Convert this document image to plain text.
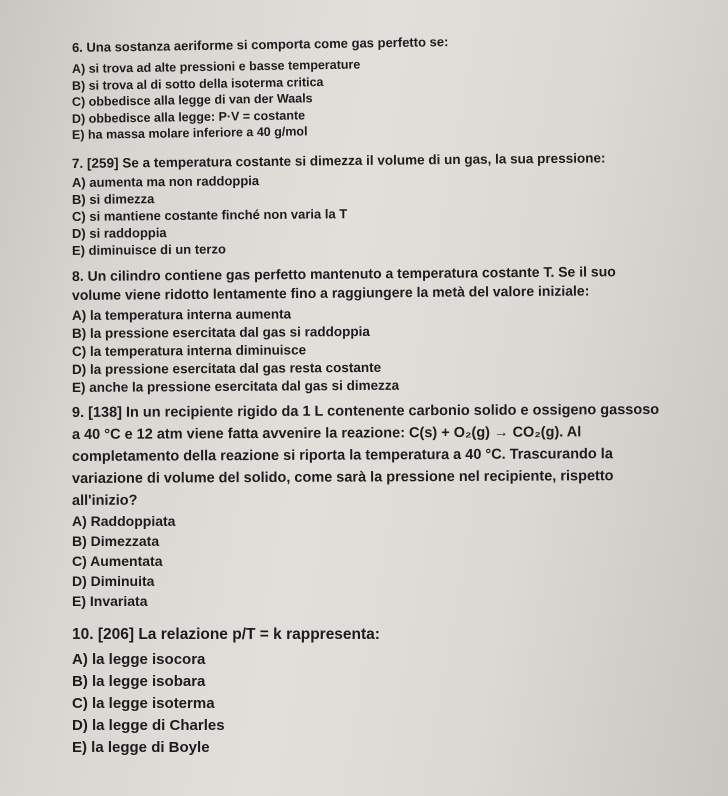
6. Una sostanza aeriforme si comporta come gas perfetto se:
A) si trova ad alte pressioni e basse temperature
B) si trova al di sotto della isoterma critica
C) obbedisce alla legge di van der Waals
D) obbedisce alla legge: P·V = costante
E) ha massa molare inferiore a 40 g/mol
7. [259] Se a temperatura costante si dimezza il volume di un gas, la sua pressione:
A) aumenta ma non raddoppia
B) si dimezza
C) si mantiene costante finché non varia la T
D) si raddoppia
E) diminuisce di un terzo
8. Un cilindro contiene gas perfetto mantenuto a temperatura costante T. Se il suo
volume viene ridotto lentamente fino a raggiungere la metà del valore iniziale:
A) la temperatura interna aumenta
B) la pressione esercitata dal gas si raddoppia
C) la temperatura interna diminuisce
D) la pressione esercitata dal gas resta costante
E) anche la pressione esercitata dal gas si dimezza
9. [138] In un recipiente rigido da 1 L contenente carbonio solido e ossigeno gassoso
a 40 °C e 12 atm viene fatta avvenire la reazione: C(s) + O₂(g) → CO₂(g). Al
completamento della reazione si riporta la temperatura a 40 °C. Trascurando la
variazione di volume del solido, come sarà la pressione nel recipiente, rispetto
all'inizio?
A) Raddoppiata
B) Dimezzata
C) Aumentata
D) Diminuita
E) Invariata
10. [206] La relazione p/T = k rappresenta:
A) la legge isocora
B) la legge isobara
C) la legge isoterma
D) la legge di Charles
E) la legge di Boyle
